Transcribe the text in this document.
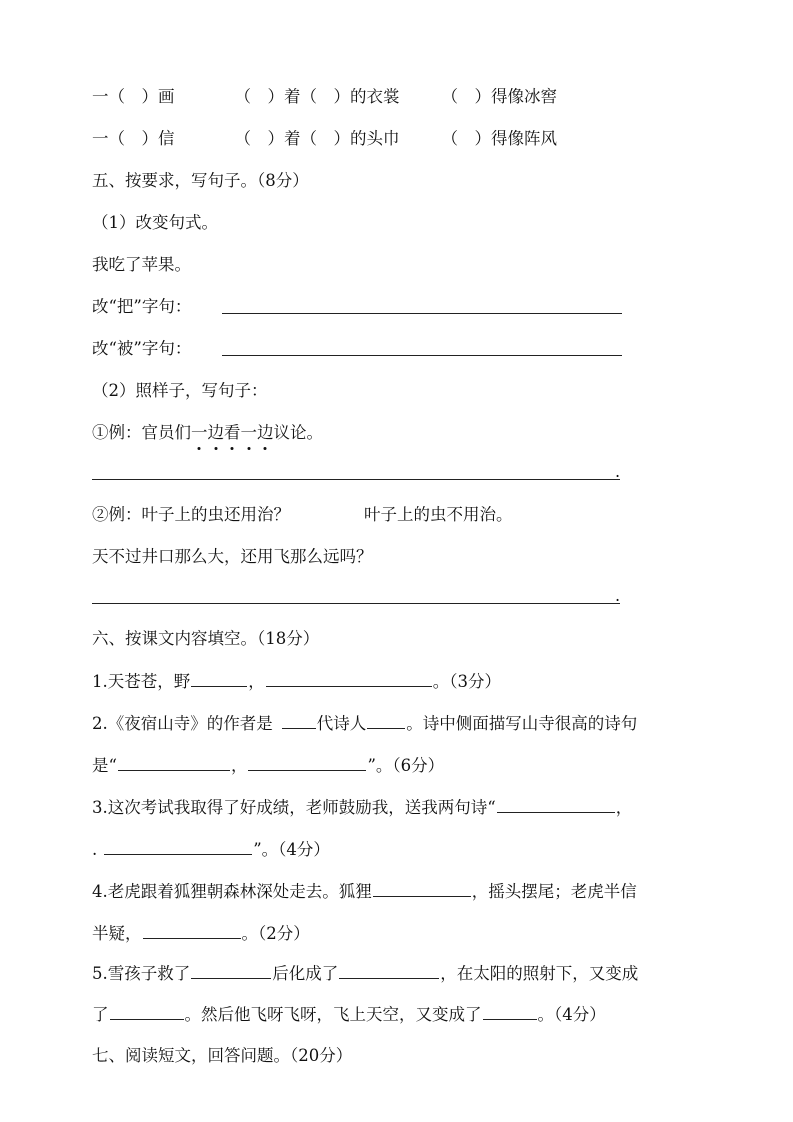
一（　）画	（　）着（　）的衣裳	（　）得像冰窖
一（　）信	（　）着（　）的头巾	（　）得像阵风
五、按要求，写句子。（8分）
（1）改变句式。
我吃了苹果。
改“把”字句：
改“被”字句：
（2）照样子，写句子：
①例：官员们一边看一边议论。
.
②例：叶子上的虫还用治？	叶子上的虫不用治。
天不过井口那么大，还用飞那么远吗？
.
六、按课文内容填空。（18分）
1.天苍苍，野	，	。（3分）
2.《夜宿山寺》的作者是	代诗人 。诗中侧面描写山寺很高的诗句
是“	，	”。（6分）
3.这次考试我取得了好成绩，老师鼓励我，送我两句诗“	，
.	”。（4分）
4.老虎跟着狐狸朝森林深处走去。狐狸	，摇头摆尾；老虎半信
半疑，	。（2分）
5.雪孩子救了	后化成了	，在太阳的照射下，又变成
了	。然后他飞呀飞呀，飞上天空，又变成了	。（4分）
七、阅读短文，回答问题。（20分）
